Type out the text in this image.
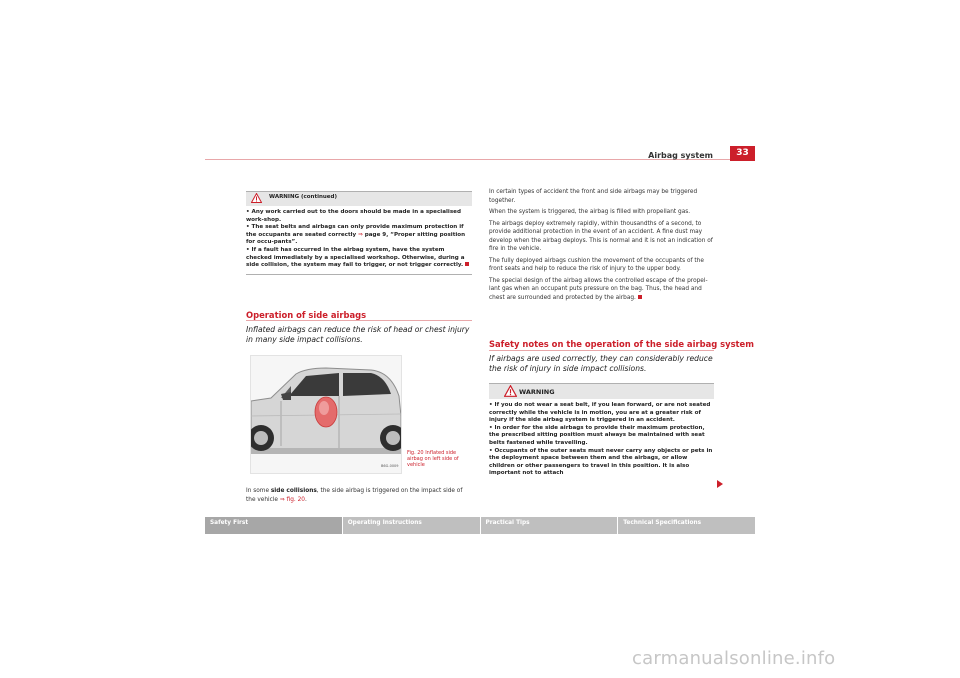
Airbag system	33
WARNING (continued)

• Any work carried out to the doors should be made in a specialised work-shop.

• The seat belts and airbags can only provide maximum protection if the occupants are seated correctly ⇒ page 9, “Proper sitting position for occu-pants”.

• If a fault has occurred in the airbag system, have the system checked immediately by a specialised workshop. Otherwise, during a side collision, the system may fail to trigger, or not trigger correctly.

Operation of side airbags
Inflated airbags can reduce the risk of head or chest injury in many side impact collisions.
B6G-0009
Fig. 20 Inflated side airbag on left side of vehicle
In some side collisions, the side airbag is triggered on the impact side of the vehicle ⇒ fig. 20.

In certain types of accident the front and side airbags may be triggered together.

When the system is triggered, the airbag is filled with propellant gas.

The airbags deploy extremely rapidly, within thousandths of a second, to provide additional protection in the event of an accident. A fine dust may develop when the airbag deploys. This is normal and it is not an indication of fire in the vehicle.

The fully deployed airbags cushion the movement of the occupants of the front seats and help to reduce the risk of injury to the upper body.

The special design of the airbag allows the controlled escape of the propel-lant gas when an occupant puts pressure on the bag. Thus, the head and chest are surrounded and protected by the airbag.

Safety notes on the operation of the side airbag system
If airbags are used correctly, they can considerably reduce the risk of injury in side impact collisions.
WARNING

• If you do not wear a seat belt, if you lean forward, or are not seated correctly while the vehicle is in motion, you are at a greater risk of injury if the side airbag system is triggered in an accident.

• In order for the side airbags to provide their maximum protection, the prescribed sitting position must always be maintained with seat belts fastened while travelling.

• Occupants of the outer seats must never carry any objects or pets in the deployment space between them and the airbags, or allow children or other passengers to travel in this position. It is also important not to attach

Safety First	Operating Instructions	Practical Tips	Technical Specifications
carmanualsonline.info
